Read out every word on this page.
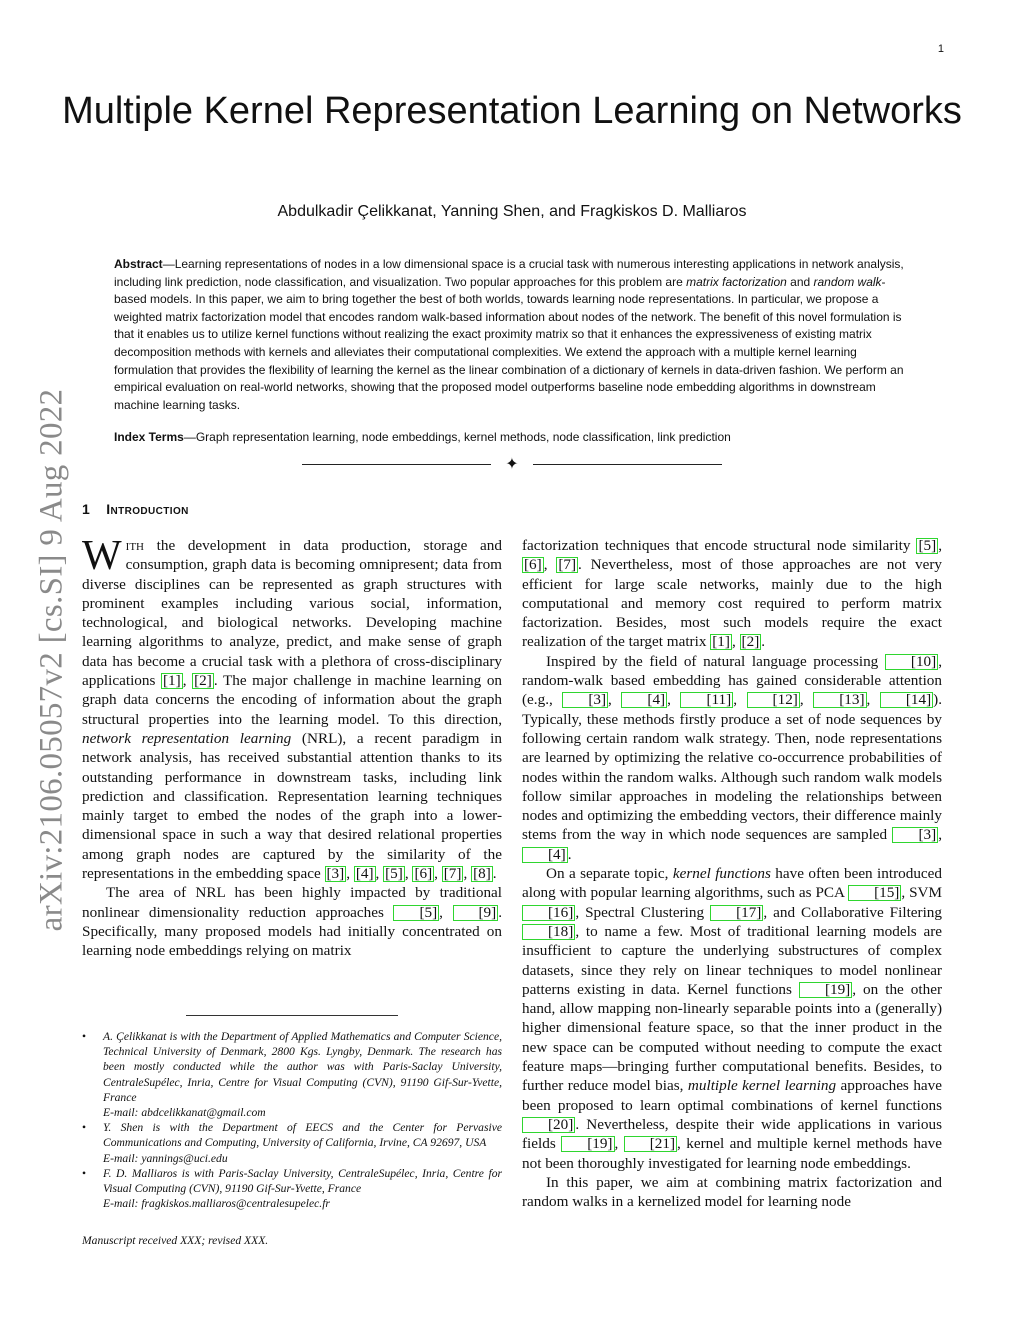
1
arXiv:2106.05057v2 [cs.SI] 9 Aug 2022
Multiple Kernel Representation Learning on Networks
Abdulkadir Çelikkanat, Yanning Shen, and Fragkiskos D. Malliaros

Abstract—Learning representations of nodes in a low dimensional space is a crucial task with numerous interesting applications in network analysis, including link prediction, node classification, and visualization. Two popular approaches for this problem are matrix factorization and random walk-based models. In this paper, we aim to bring together the best of both worlds, towards learning node representations. In particular, we propose a weighted matrix factorization model that encodes random walk-based information about nodes of the network. The benefit of this novel formulation is that it enables us to utilize kernel functions without realizing the exact proximity matrix so that it enhances the expressiveness of existing matrix decomposition methods with kernels and alleviates their computational complexities. We extend the approach with a multiple kernel learning formulation that provides the flexibility of learning the kernel as the linear combination of a dictionary of kernels in data-driven fashion. We perform an empirical evaluation on real-world networks, showing that the proposed model outperforms baseline node embedding algorithms in downstream machine learning tasks.

Index Terms—Graph representation learning, node embeddings, kernel methods, node classification, link prediction

✦
1 Introduction

With the development in data production, storage and consumption, graph data is becoming omnipresent; data from diverse disciplines can be represented as graph structures with prominent examples including various social, information, technological, and biological networks. Developing machine learning algorithms to analyze, predict, and make sense of graph data has become a crucial task with a plethora of cross-disciplinary applications [1] , [2] . The major challenge in machine learning on graph data concerns the encoding of information about the graph structural properties into the learning model. To this direction, network representation learning (NRL), a recent paradigm in network analysis, has received substantial attention thanks to its outstanding performance in downstream tasks, including link prediction and classification. Representation learning techniques mainly target to embed the nodes of the graph into a lower-dimensional space in such a way that desired relational properties among graph nodes are captured by the similarity of the representations in the embedding space [3] , [4] , [5] , [6] , [7] , [8] .

The area of NRL has been highly impacted by traditional nonlinear dimensionality reduction approaches [5] , [9] . Specifically, many proposed models had initially concentrated on learning node embeddings relying on matrix

factorization techniques that encode structural node similarity [5] , [6] , [7] . Nevertheless, most of those approaches are not very efficient for large scale networks, mainly due to the high computational and memory cost required to perform matrix factorization. Besides, most such models require the exact realization of the target matrix [1] , [2] .

Inspired by the field of natural language processing [10] , random-walk based embedding has gained considerable attention (e.g., [3] , [4] , [11] , [12] , [13] , [14] ). Typically, these methods firstly produce a set of node sequences by following certain random walk strategy. Then, node representations are learned by optimizing the relative co-occurrence probabilities of nodes within the random walks. Although such random walk models follow similar approaches in modeling the relationships between nodes and optimizing the embedding vectors, their difference mainly stems from the way in which node sequences are sampled [3] , [4] .

On a separate topic, kernel functions have often been introduced along with popular learning algorithms, such as PCA [15] , SVM [16] , Spectral Clustering [17] , and Collaborative Filtering [18] , to name a few. Most of traditional learning models are insufficient to capture the underlying substructures of complex datasets, since they rely on linear techniques to model nonlinear patterns existing in data. Kernel functions [19] , on the other hand, allow mapping non-linearly separable points into a (generally) higher dimensional feature space, so that the inner product in the new space can be computed without needing to compute the exact feature maps—bringing further computational benefits. Besides, to further reduce model bias, multiple kernel learning approaches have been proposed to learn optimal combinations of kernel functions [20] . Nevertheless, despite their wide applications in various fields [19] , [21] , kernel and multiple kernel methods have not been thoroughly investigated for learning node embeddings.

In this paper, we aim at combining matrix factorization and random walks in a kernelized model for learning node

• A. Çelikkanat is with the Department of Applied Mathematics and Computer Science, Technical University of Denmark, 2800 Kgs. Lyngby, Denmark. The research has been mostly conducted while the author was with Paris-Saclay University, CentraleSupélec, Inria, Centre for Visual Computing (CVN), 91190 Gif-Sur-Yvette, France
E-mail: abdcelikkanat@gmail.com
• Y. Shen is with the Department of EECS and the Center for Pervasive Communications and Computing, University of California, Irvine, CA 92697, USA
E-mail: yannings@uci.edu
• F. D. Malliaros is with Paris-Saclay University, CentraleSupélec, Inria, Centre for Visual Computing (CVN), 91190 Gif-Sur-Yvette, France
E-mail: fragkiskos.malliaros@centralesupelec.fr
Manuscript received XXX; revised XXX.
